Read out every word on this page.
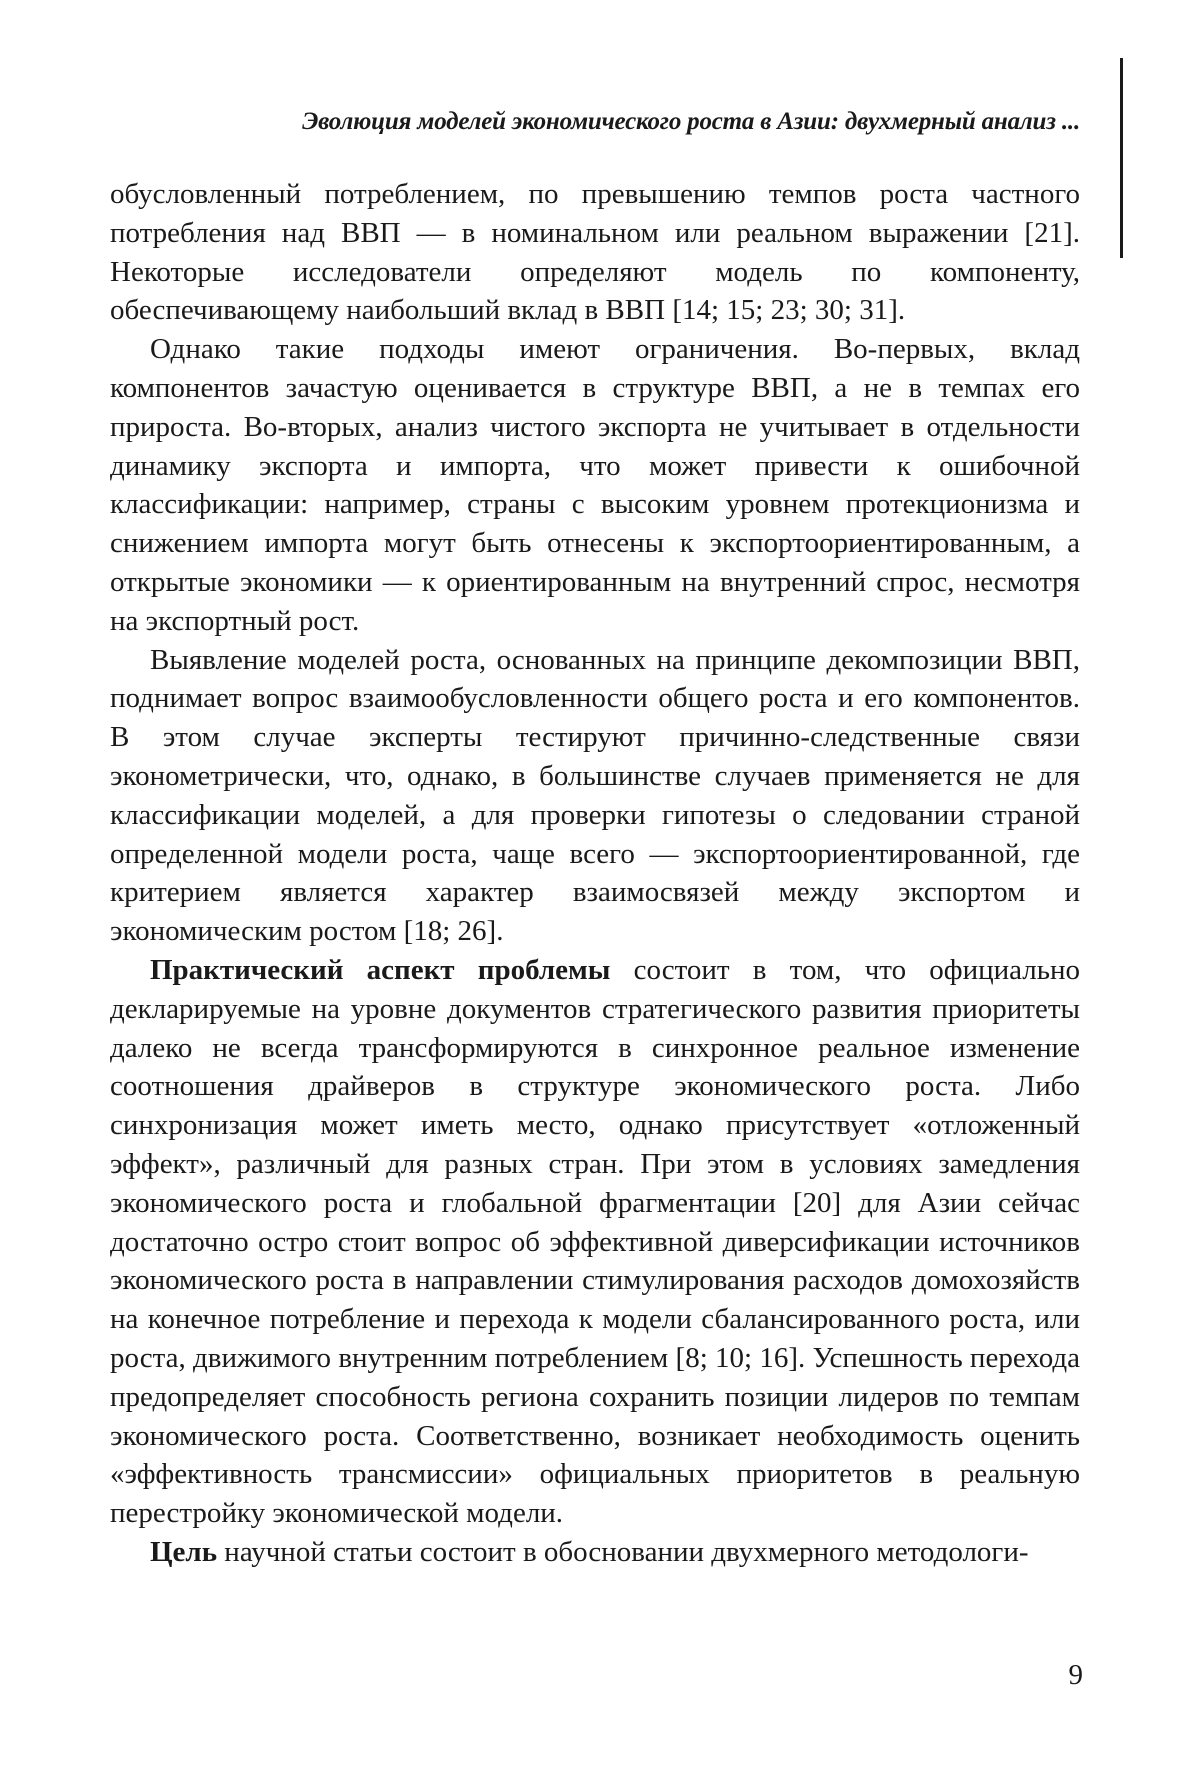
Эволюция моделей экономического роста в Азии: двухмерный анализ ...

обусловленный потреблением, по превышению темпов роста частного потребления над ВВП — в номинальном или реальном выражении [21]. Некоторые исследователи определяют модель по компоненту, обеспечивающему наибольший вклад в ВВП [14; 15; 23; 30; 31].

Однако такие подходы имеют ограничения. Во-первых, вклад компонентов зачастую оценивается в структуре ВВП, а не в темпах его прироста. Во-вторых, анализ чистого экспорта не учитывает в отдельности динамику экспорта и импорта, что может привести к ошибочной классификации: например, страны с высоким уровнем протекционизма и снижением импорта могут быть отнесены к экспортоориентированным, а открытые экономики — к ориентированным на внутренний спрос, несмотря на экспортный рост.

Выявление моделей роста, основанных на принципе декомпозиции ВВП, поднимает вопрос взаимообусловленности общего роста и его компонентов. В этом случае эксперты тестируют причинно-следственные связи эконометрически, что, однако, в большинстве случаев применяется не для классификации моделей, а для проверки гипотезы о следовании страной определенной модели роста, чаще всего — экспортоориентированной, где критерием является характер взаимосвязей между экспортом и экономическим ростом [18; 26].

Практический аспект проблемы состоит в том, что официально декларируемые на уровне документов стратегического развития приоритеты далеко не всегда трансформируются в синхронное реальное изменение соотношения драйверов в структуре экономического роста. Либо синхронизация может иметь место, однако присутствует «отложенный эффект», различный для разных стран. При этом в условиях замедления экономического роста и глобальной фрагментации [20] для Азии сейчас достаточно остро стоит вопрос об эффективной диверсификации источников экономического роста в направлении стимулирования расходов домохозяйств на конечное потребление и перехода к модели сбалансированного роста, или роста, движимого внутренним потреблением [8; 10; 16]. Успешность перехода предопределяет способность региона сохранить позиции лидеров по темпам экономического роста. Соответственно, возникает необходимость оценить «эффективность трансмиссии» официальных приоритетов в реальную перестройку экономической модели.

Цель научной статьи состоит в обосновании двухмерного методологи-

9
